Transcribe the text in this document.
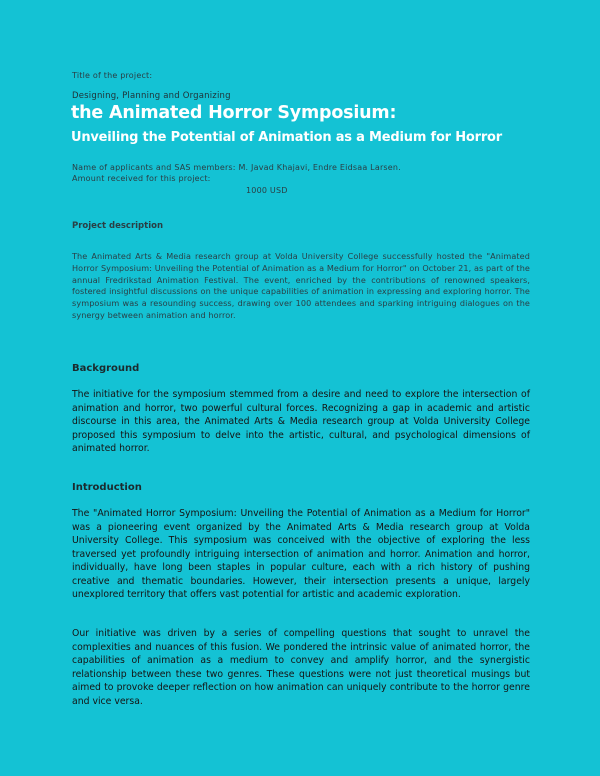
Title of the project:
Designing, Planning and Organizing
the Animated Horror Symposium:
Unveiling the Potential of Animation as a Medium for Horror
Name of applicants and SAS members: M. Javad Khajavi, Endre Eidsaa Larsen.
Amount received for this project:
1000 USD
Project description
The Animated Arts & Media research group at Volda University College successfully hosted the "Animated Horror Symposium: Unveiling the Potential of Animation as a Medium for Horror" on October 21, as part of the annual Fredrikstad Animation Festival. The event, enriched by the contributions of renowned speakers, fostered insightful discussions on the unique capabilities of animation in expressing and exploring horror. The symposium was a resounding success, drawing over 100 attendees and sparking intriguing dialogues on the synergy between animation and horror.
Background

The initiative for the symposium stemmed from a desire and need to explore the intersection of animation and horror, two powerful cultural forces. Recognizing a gap in academic and artistic discourse in this area, the Animated Arts & Media research group at Volda University College proposed this symposium to delve into the artistic, cultural, and psychological dimensions of animated horror.

Introduction

The "Animated Horror Symposium: Unveiling the Potential of Animation as a Medium for Horror" was a pioneering event organized by the Animated Arts & Media research group at Volda University College. This symposium was conceived with the objective of exploring the less traversed yet profoundly intriguing intersection of animation and horror. Animation and horror, individually, have long been staples in popular culture, each with a rich history of pushing creative and thematic boundaries. However, their intersection presents a unique, largely unexplored territory that offers vast potential for artistic and academic exploration.

Our initiative was driven by a series of compelling questions that sought to unravel the complexities and nuances of this fusion. We pondered the intrinsic value of animated horror, the capabilities of animation as a medium to convey and amplify horror, and the synergistic relationship between these two genres. These questions were not just theoretical musings but aimed to provoke deeper reflection on how animation can uniquely contribute to the horror genre and vice versa.
